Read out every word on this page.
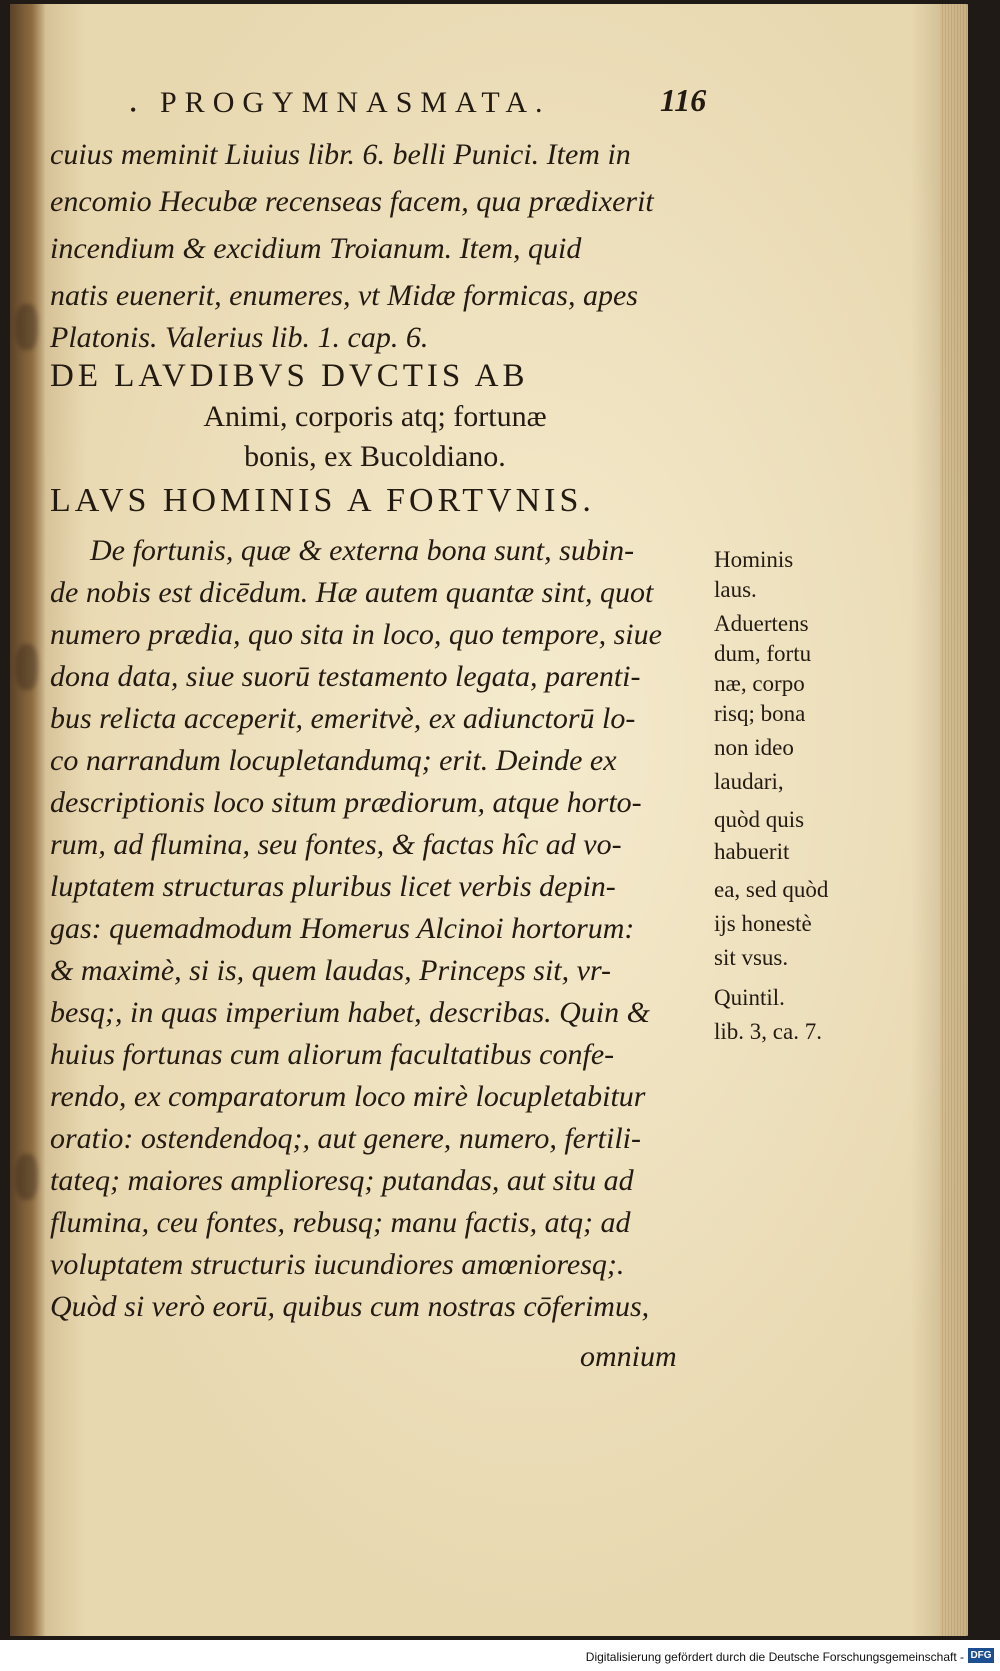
• PROGYMNASMATA.	116
cuius meminit Liuius libr. 6. belli Punici. Item in
encomio Hecubæ recenseas facem, qua prædixerit
incendium & excidium Troianum. Item, quid
natis euenerit, enumeres, vt Midæ formicas, apes
Platonis. Valerius lib. 1. cap. 6.
DE LAVDIBVS DVCTIS AB
Animi, corporis atq; fortunæ
bonis, ex Bucoldiano.
LAVS HOMINIS A FORTVNIS.
De fortunis, quæ & externa bona sunt, subin-
de nobis est dicēdum. Hæ autem quantæ sint, quot
numero prædia, quo sita in loco, quo tempore, siue
dona data, siue suorū testamento legata, parenti-
bus relicta acceperit, emeritvè, ex adiunctorū lo-
co narrandum locupletandumq; erit. Deinde ex
descriptionis loco situm prædiorum, atque horto-
rum, ad flumina, seu fontes, & factas hîc ad vo-
luptatem structuras pluribus licet verbis depin-
gas: quemadmodum Homerus Alcinoi hortorum:
& maximè, si is, quem laudas, Princeps sit, vr-
besq;, in quas imperium habet, describas. Quin &
huius fortunas cum aliorum facultatibus confe-
rendo, ex comparatorum loco mirè locupletabitur
oratio: ostendendoq;, aut genere, numero, fertili-
tateq; maiores amplioresq; putandas, aut situ ad
flumina, ceu fontes, rebusq; manu factis, atq; ad
voluptatem structuris iucundiores amœnioresq;.
Quòd si verò eorū, quibus cum nostras cōferimus,
omnium
Hominis
laus.
Aduertens
dum, fortu
næ, corpo
risq; bona
non ideo
laudari,
quòd quis
habuerit
ea, sed quòd
ijs honestè
sit vsus.
Quintil.
lib. 3, ca. 7.
Digitalisierung gefördert durch die Deutsche Forschungsgemeinschaft - DFG
